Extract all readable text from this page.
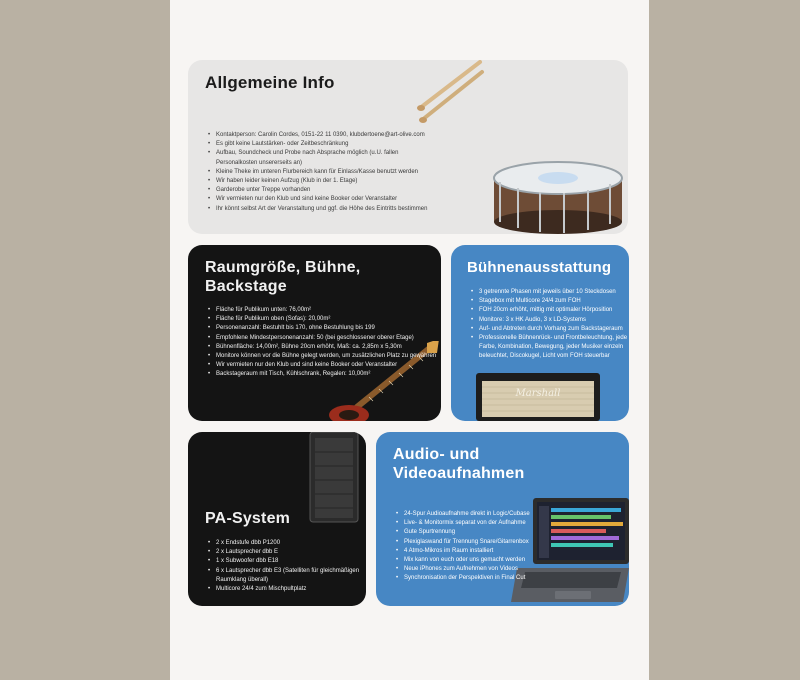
Allgemeine Info
• Kontaktperson: Carolin Cordes, 0151-22 11 0390, klubdertoene@art-olive.com
• Es gibt keine Lautstärken- oder Zeitbeschränkung
• Aufbau, Soundcheck und Probe nach Absprache möglich (u.U. fallen Personalkosten unsererseits an)
• Kleine Theke im unteren Flurbereich kann für Einlass/Kasse benutzt werden
• Wir haben leider keinen Aufzug (Klub in der 1. Etage)
• Garderobe unter Treppe vorhanden
• Wir vermieten nur den Klub und sind keine Booker oder Veranstalter
• Ihr könnt selbst Art der Veranstaltung und ggf. die Höhe des Eintritts bestimmen
Raumgröße, Bühne, Backstage
• Fläche für Publikum unten: 76,00m²
• Fläche für Publikum oben (Sofas): 20,00m²
• Personenanzahl: Bestuhlt bis 170, ohne Bestuhlung bis 199
• Empfohlene Mindestpersonenanzahl: 50 (bei geschlossener oberer Etage)
• Bühnenfläche: 14,00m², Bühne 20cm erhöht, Maß: ca. 2,85m x 5,30m
• Monitore können vor die Bühne gelegt werden, um zusätzlichen Platz zu gewähren
• Wir vermieten nur den Klub und sind keine Booker oder Veranstalter
• Backstageraum mit Tisch, Kühlschrank, Regalen: 10,00m²
Bühnenausstattung
• 3 getrennte Phasen mit jeweils über 10 Steckdosen
• Stagebox mit Multicore 24/4 zum FOH
• FOH 20cm erhöht, mittig mit optimaler Hörposition
• Monitore: 3 x HK Audio, 3 x LD-Systems
• Auf- und Abtreten durch Vorhang zum Backstageraum
• Professionelle Bühnenrück- und Frontbeleuchtung, jede Farbe, Kombination, Bewegung, jeder Musiker einzeln beleuchtet, Discokugel, Licht vom FOH steuerbar
Marshall
PA-System
• 2 x Endstufe dbb P1200
• 2 x Lautsprecher dbb E
• 1 x Subwoofer dbb E18
• 6 x Lautsprecher dbb E3 (Satelliten für gleichmäßigen Raumklang überall)
• Multicore 24/4 zum Mischpultplatz
Audio- und Videoaufnahmen
• 24-Spur Audioaufnahme direkt in Logic/Cubase
• Live- & Monitormix separat von der Aufnahme
• Gute Spurtrennung
• Plexiglaswand für Trennung Snare/Gitarrenbox
• 4 Atmo-Mikros im Raum installiert
• Mix kann von euch oder uns gemacht werden
• Neue iPhones zum Aufnehmen von Videos
• Synchronisation der Perspektiven in Final Cut
